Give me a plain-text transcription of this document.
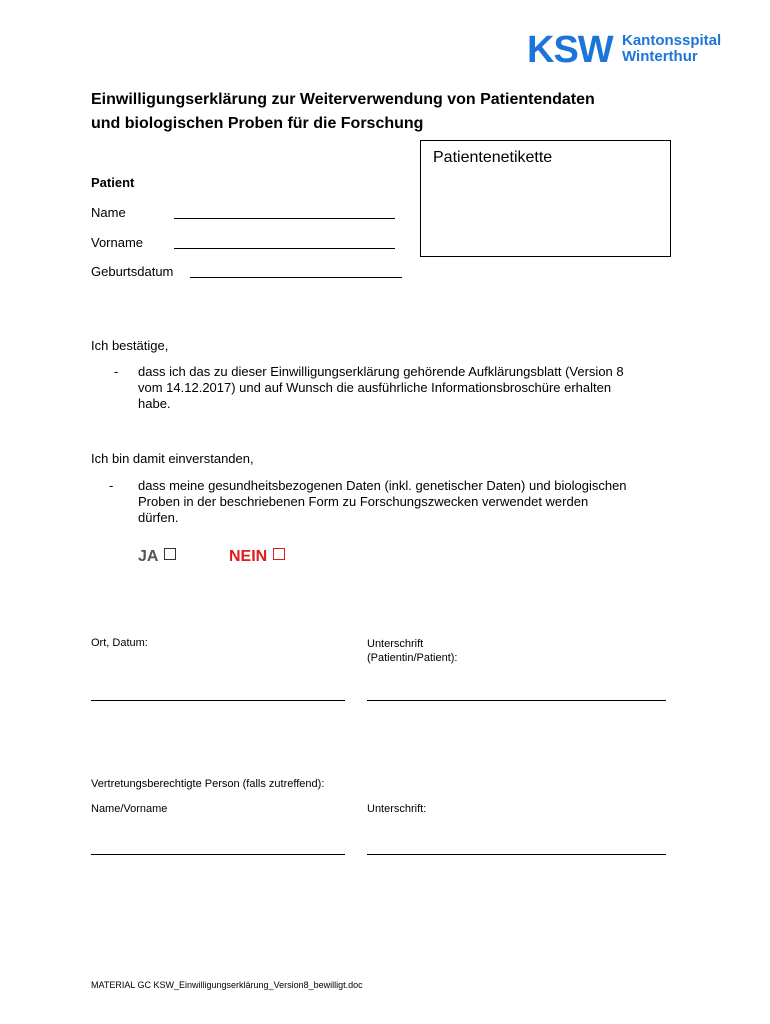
KSW Kantonsspital
Winterthur
Einwilligungserklärung zur Weiterverwendung von Patientendaten
und biologischen Proben für die Forschung
Patientenetikette
Patient
Name
Vorname
Geburtsdatum
Ich bestätige,
- dass ich das zu dieser Einwilligungserklärung gehörende Aufklärungsblatt (Version 8
vom 14.12.2017) und auf Wunsch die ausführliche Informationsbroschüre erhalten
habe.
Ich bin damit einverstanden,
- dass meine gesundheitsbezogenen Daten (inkl. genetischer Daten) und biologischen
Proben in der beschriebenen Form zu Forschungszwecken verwendet werden
dürfen.
JA	NEIN
Ort, Datum:	Unterschrift
(Patientin/Patient):
Vertretungsberechtigte Person (falls zutreffend):
Name/Vorname	Unterschrift:
MATERIAL GC KSW_Einwilligungserklärung_Version8_bewilligt.doc
